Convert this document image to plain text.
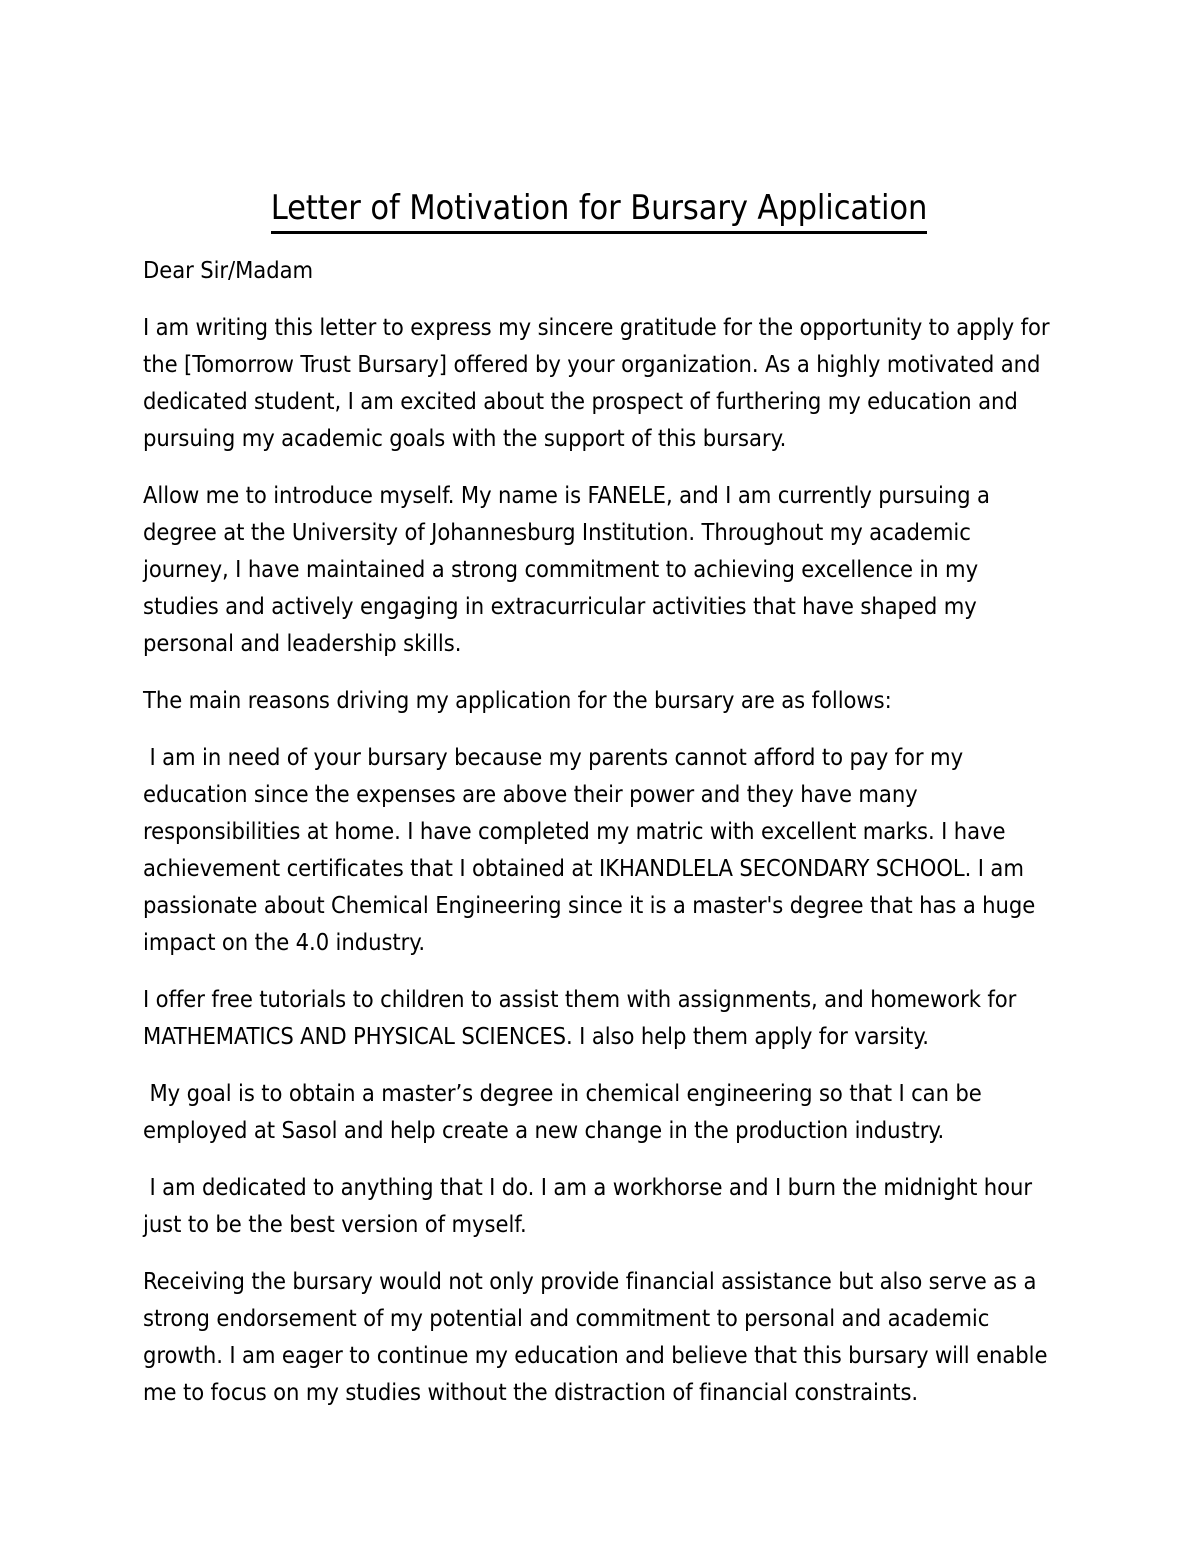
Letter of Motivation for Bursary Application

Dear Sir/Madam

I am writing this letter to express my sincere gratitude for the opportunity to apply for the [Tomorrow Trust Bursary] offered by your organization. As a highly motivated and dedicated student, I am excited about the prospect of furthering my education and pursuing my academic goals with the support of this bursary.

Allow me to introduce myself. My name is FANELE, and I am currently pursuing a degree at the University of Johannesburg Institution. Throughout my academic journey, I have maintained a strong commitment to achieving excellence in my studies and actively engaging in extracurricular activities that have shaped my personal and leadership skills.

The main reasons driving my application for the bursary are as follows:

I am in need of your bursary because my parents cannot afford to pay for my education since the expenses are above their power and they have many responsibilities at home. I have completed my matric with excellent marks. I have achievement certificates that I obtained at IKHANDLELA SECONDARY SCHOOL. I am passionate about Chemical Engineering since it is a master's degree that has a huge impact on the 4.0 industry.

I offer free tutorials to children to assist them with assignments, and homework for MATHEMATICS AND PHYSICAL SCIENCES. I also help them apply for varsity.

My goal is to obtain a master’s degree in chemical engineering so that I can be employed at Sasol and help create a new change in the production industry.

I am dedicated to anything that I do. I am a workhorse and I burn the midnight hour just to be the best version of myself.

Receiving the bursary would not only provide financial assistance but also serve as a strong endorsement of my potential and commitment to personal and academic growth. I am eager to continue my education and believe that this bursary will enable me to focus on my studies without the distraction of financial constraints.
